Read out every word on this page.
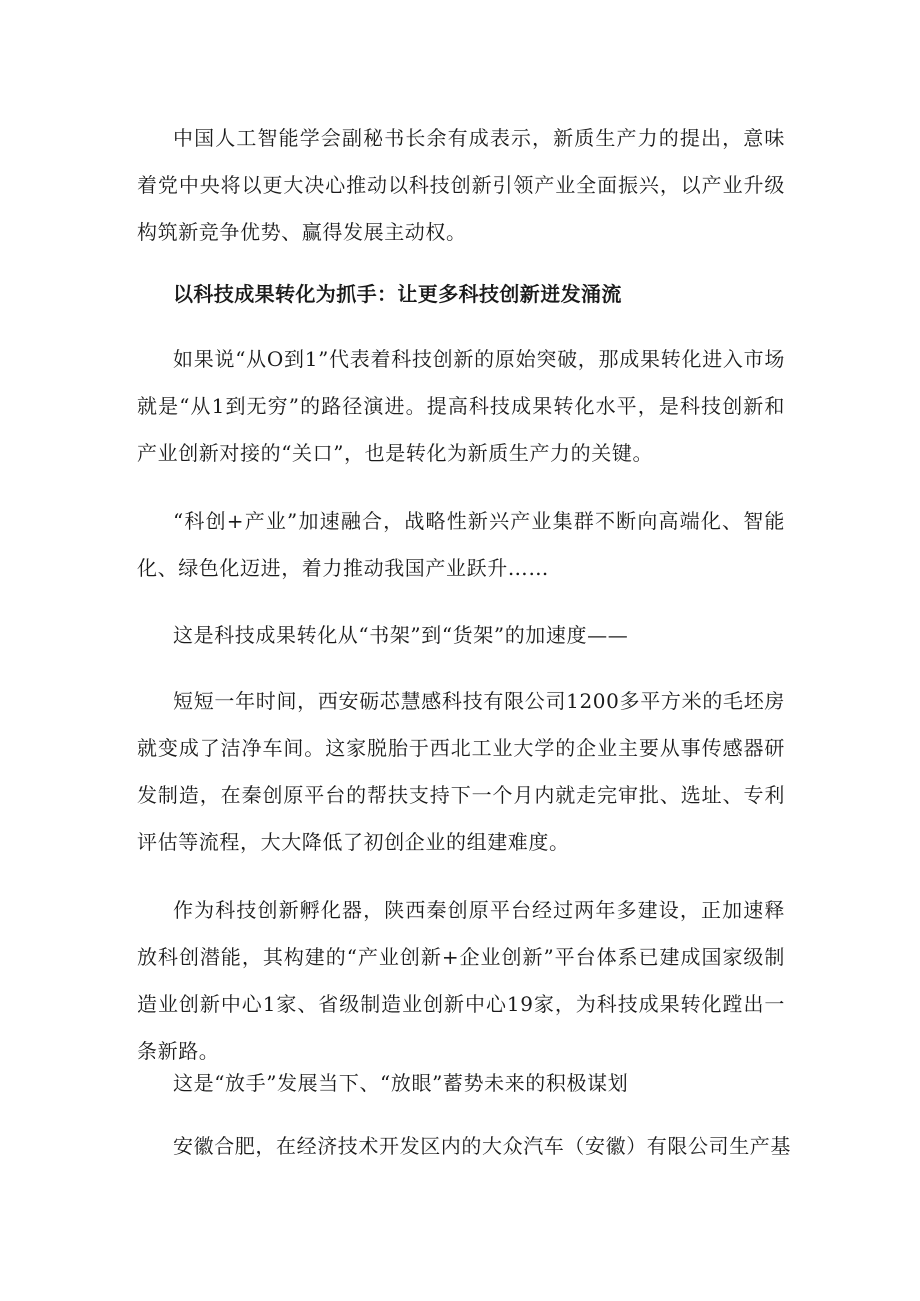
中国人工智能学会副秘书长余有成表示，新质生产力的提出，意味着党中央将以更大决心推动以科技创新引领产业全面振兴，以产业升级构筑新竞争优势、赢得发展主动权。

以科技成果转化为抓手：让更多科技创新迸发涌流

如果说“从O到1”代表着科技创新的原始突破，那成果转化进入市场就是“从1到无穷”的路径演进。提高科技成果转化水平，是科技创新和产业创新对接的“关口”，也是转化为新质生产力的关键。

“科创+产业”加速融合，战略性新兴产业集群不断向高端化、智能化、绿色化迈进，着力推动我国产业跃升……

这是科技成果转化从“书架”到“货架”的加速度——

短短一年时间，西安砺芯慧感科技有限公司1200多平方米的毛坯房就变成了洁净车间。这家脱胎于西北工业大学的企业主要从事传感器研发制造，在秦创原平台的帮扶支持下一个月内就走完审批、选址、专利评估等流程，大大降低了初创企业的组建难度。

作为科技创新孵化器，陕西秦创原平台经过两年多建设，正加速释放科创潜能，其构建的“产业创新+企业创新”平台体系已建成国家级制造业创新中心1家、省级制造业创新中心19家，为科技成果转化蹚出一条新路。

这是“放手”发展当下、“放眼”蓄势未来的积极谋划

安徽合肥，在经济技术开发区内的大众汽车（安徽）有限公司生产基
